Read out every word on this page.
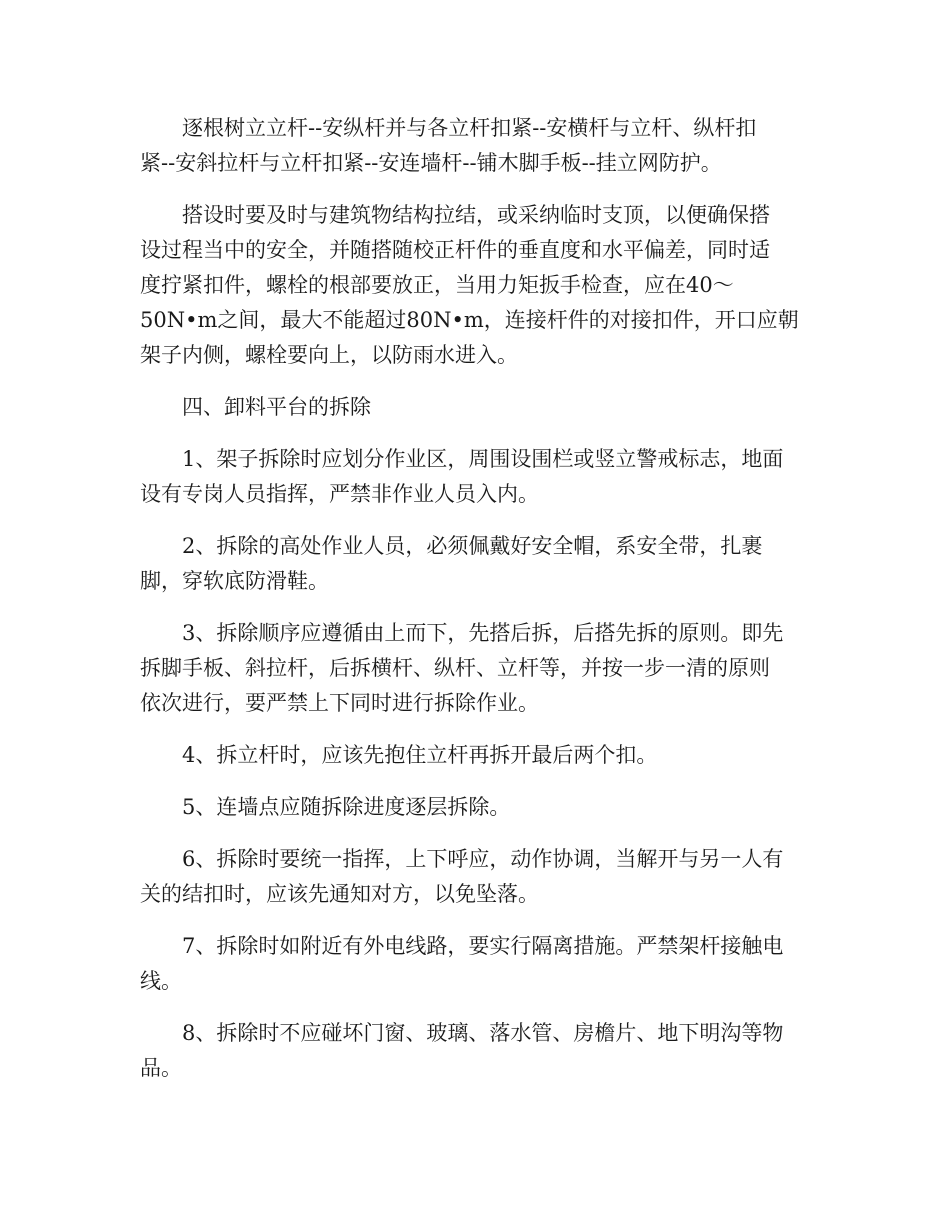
逐根树立立杆--安纵杆并与各立杆扣紧--安横杆与立杆、纵杆扣
紧--安斜拉杆与立杆扣紧--安连墙杆--铺木脚手板--挂立网防护。

搭设时要及时与建筑物结构拉结，或采纳临时支顶，以便确保搭
设过程当中的安全，并随搭随校正杆件的垂直度和水平偏差，同时适
度拧紧扣件，螺栓的根部要放正，当用力矩扳手检查，应在40～
50N•m之间，最大不能超过80N•m，连接杆件的对接扣件，开口应朝
架子内侧，螺栓要向上，以防雨水进入。

四、卸料平台的拆除

1、架子拆除时应划分作业区，周围设围栏或竖立警戒标志，地面
设有专岗人员指挥，严禁非作业人员入内。

2、拆除的高处作业人员，必须佩戴好安全帽，系安全带，扎裹
脚，穿软底防滑鞋。

3、拆除顺序应遵循由上而下，先搭后拆，后搭先拆的原则。即先
拆脚手板、斜拉杆，后拆横杆、纵杆、立杆等，并按一步一清的原则
依次进行，要严禁上下同时进行拆除作业。

4、拆立杆时，应该先抱住立杆再拆开最后两个扣。

5、连墙点应随拆除进度逐层拆除。

6、拆除时要统一指挥，上下呼应，动作协调，当解开与另一人有
关的结扣时，应该先通知对方，以免坠落。

7、拆除时如附近有外电线路，要实行隔离措施。严禁架杆接触电
线。

8、拆除时不应碰坏门窗、玻璃、落水管、房檐片、地下明沟等物
品。
